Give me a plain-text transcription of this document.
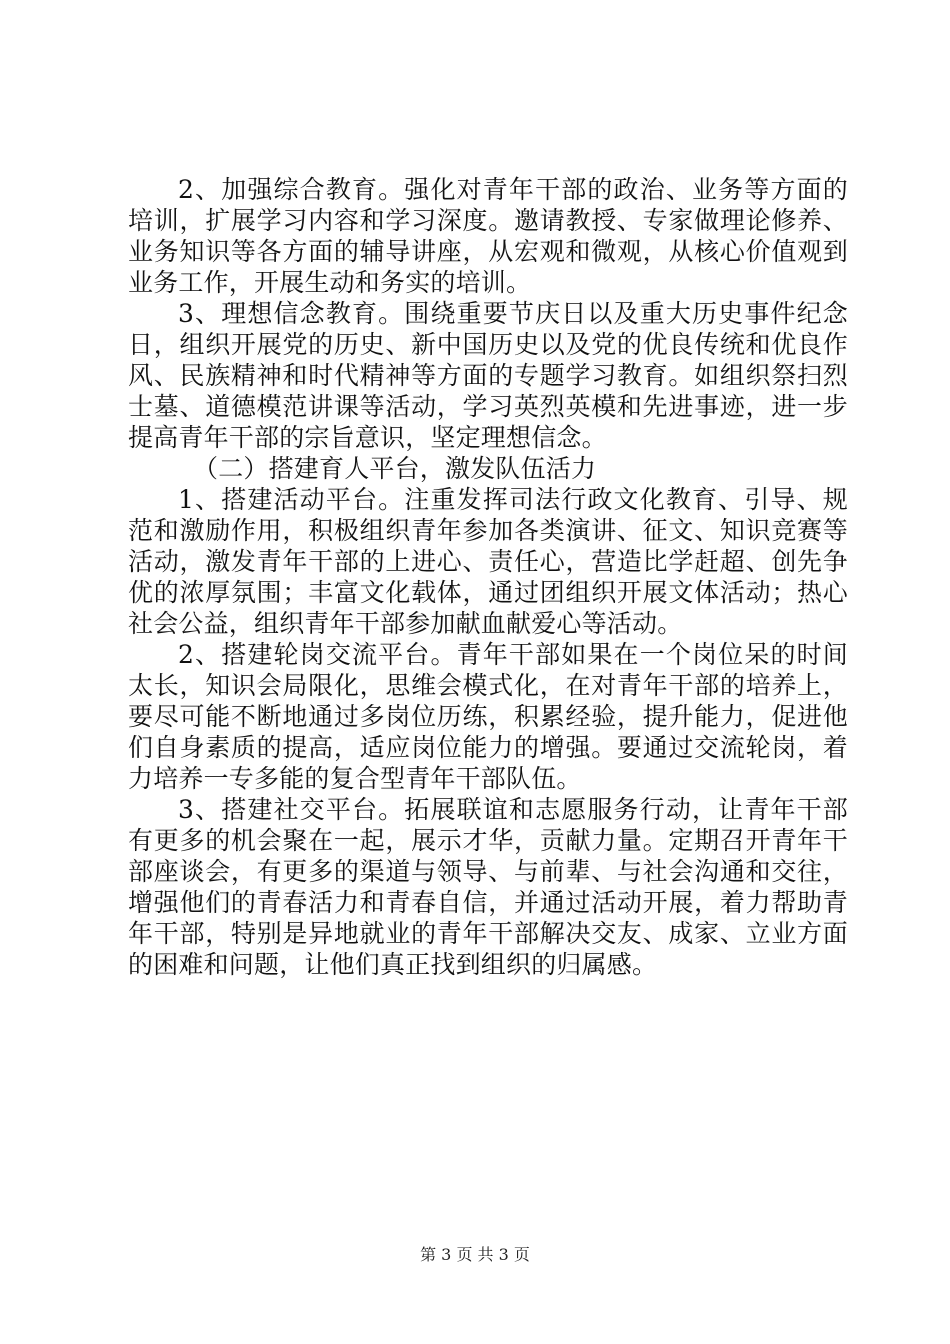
2、加强综合教育。强化对青年干部的政治、业务等方面的培训，扩展学习内容和学习深度。邀请教授、专家做理论修养、业务知识等各方面的辅导讲座，从宏观和微观，从核心价值观到业务工作，开展生动和务实的培训。

3、理想信念教育。围绕重要节庆日以及重大历史事件纪念日，组织开展党的历史、新中国历史以及党的优良传统和优良作风、民族精神和时代精神等方面的专题学习教育。如组织祭扫烈士墓、道德模范讲课等活动，学习英烈英模和先进事迹，进一步提高青年干部的宗旨意识，坚定理想信念。

（二）搭建育人平台，激发队伍活力

1、搭建活动平台。注重发挥司法行政文化教育、引导、规范和激励作用，积极组织青年参加各类演讲、征文、知识竞赛等活动，激发青年干部的上进心、责任心，营造比学赶超、创先争优的浓厚氛围；丰富文化载体，通过团组织开展文体活动；热心社会公益，组织青年干部参加献血献爱心等活动。

2、搭建轮岗交流平台。青年干部如果在一个岗位呆的时间太长，知识会局限化，思维会模式化，在对青年干部的培养上，要尽可能不断地通过多岗位历练，积累经验，提升能力，促进他们自身素质的提高，适应岗位能力的增强。要通过交流轮岗，着力培养一专多能的复合型青年干部队伍。

3、搭建社交平台。拓展联谊和志愿服务行动，让青年干部有更多的机会聚在一起，展示才华，贡献力量。定期召开青年干部座谈会，有更多的渠道与领导、与前辈、与社会沟通和交往，增强他们的青春活力和青春自信，并通过活动开展，着力帮助青年干部，特别是异地就业的青年干部解决交友、成家、立业方面的困难和问题，让他们真正找到组织的归属感。

第 3 页 共 3 页
